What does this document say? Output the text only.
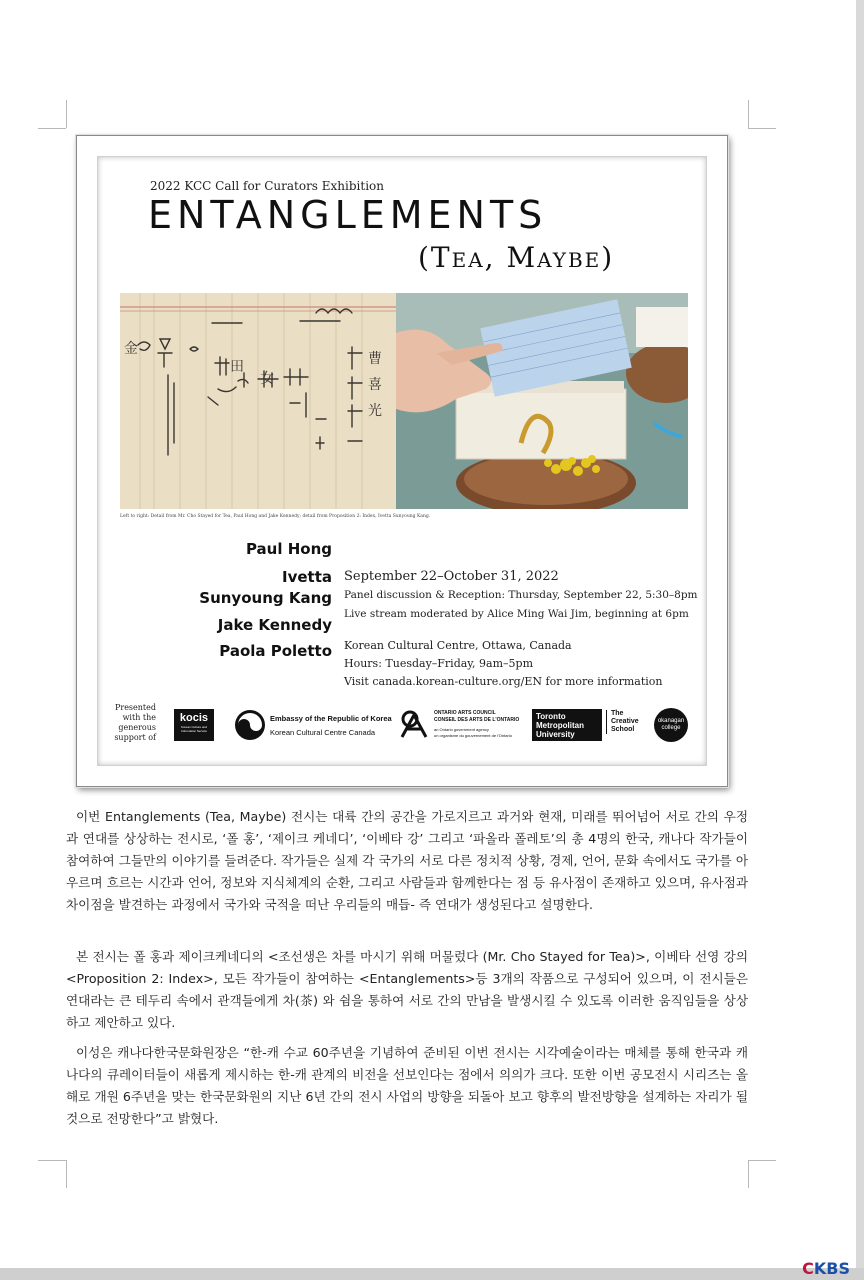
2022 KCC Call for Curators Exhibition
ENTANGLEMENTS
(Tea, Maybe)
金
曹
喜
光
田
女
Left to right: Detail from Mr. Cho Stayed for Tea, Paul Hong and Jake Kennedy; detail from Proposition 2: Index, Ivetta Sunyoung Kang.
Paul Hong
Ivetta
Sunyoung Kang
Jake Kennedy
Paola Poletto
September 22–October 31, 2022
Panel discussion & Reception: Thursday, September 22, 5:30–8pm
Live stream moderated by Alice Ming Wai Jim, beginning at 6pm
Korean Cultural Centre, Ottawa, Canada
Hours: Tuesday–Friday, 9am–5pm
Visit canada.korean-culture.org/EN for more information
Presented with the generous support of
kocis
Korean Culture and Information Service
Embassy of the Republic of Korea
Korean Cultural Centre Canada
ONTARIO ARTS COUNCIL
CONSEIL DES ARTS DE L'ONTARIO
an Ontario government agency
un organisme du gouvernement de l'Ontario
Toronto
Metropolitan
University
The
Creative
School
okanagan college
이번 Entanglements (Tea, Maybe) 전시는 대륙 간의 공간을 가로지르고 과거와 현재, 미래를 뛰어넘어 서로 간의 우정과 연대를 상상하는 전시로, ‘폴 홍’, ‘제이크 케네디’, ‘이베타 강’ 그리고 ‘파올라 폴레토’의 총 4명의 한국, 캐나다 작가들이 참여하여 그들만의 이야기를 들려준다. 작가들은 실제 각 국가의 서로 다른 정치적 상황, 경제, 언어, 문화 속에서도 국가를 아우르며 흐르는 시간과 언어, 정보와 지식체계의 순환, 그리고 사람들과 함께한다는 점 등 유사점이 존재하고 있으며, 유사점과 차이점을 발견하는 과정에서 국가와 국적을 떠난 우리들의 매듭- 즉 연대가 생성된다고 설명한다.
본 전시는 폴 홍과 제이크케네디의 <조선생은 차를 마시기 위해 머물렀다 (Mr. Cho Stayed for Tea)>, 이베타 선영 강의 <Proposition 2: Index>, 모든 작가들이 참여하는 <Entanglements>등 3개의 작품으로 구성되어 있으며, 이 전시들은 연대라는 큰 테두리 속에서 관객들에게 차(茶) 와 쉼을 통하여 서로 간의 만남을 발생시킬 수 있도록 이러한 움직임들을 상상하고 제안하고 있다.
이성은 캐나다한국문화원장은 “한-캐 수교 60주년을 기념하여 준비된 이번 전시는 시각예술이라는 매체를 통해 한국과 캐나다의 큐레이터들이 새롭게 제시하는 한-캐 관계의 비전을 선보인다는 점에서 의의가 크다. 또한 이번 공모전시 시리즈는 올해로 개원 6주년을 맞는 한국문화원의 지난 6년 간의 전시 사업의 방향을 되돌아 보고 향후의 발전방향을 설계하는 자리가 될 것으로 전망한다”고 밝혔다.
CKBS
